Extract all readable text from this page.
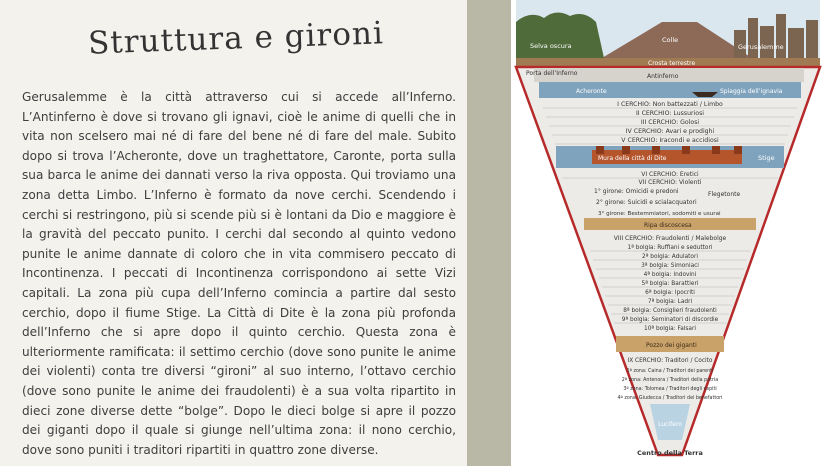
Struttura e gironi
Gerusalemme è la città attraverso cui si accede all’Inferno. L’Antinferno è dove si trovano gli ignavi, cioè le anime di quelli che in vita non scelsero mai né di fare del bene né di fare del male. Subito dopo si trova l’Acheronte, dove un traghettatore, Caronte, porta sulla sua barca le anime dei dannati verso la riva opposta. Qui troviamo una zona detta Limbo. L’Inferno è formato da nove cerchi. Scendendo i cerchi si restringono, più si scende più si è lontani da Dio e maggiore è la gravità del peccato punito. I cerchi dal secondo al quinto vedono punite le anime dannate di coloro che in vita commisero peccato di Incontinenza. I peccati di Incontinenza corrispondono ai sette Vizi capitali. La zona più cupa dell’Inferno comincia a partire dal sesto cerchio, dopo il fiume Stige. La Città di Dite è la zona più profonda dell’Inferno che si apre dopo il quinto cerchio. Questa zona è ulteriormente ramificata: il settimo cerchio (dove sono punite le anime dei violenti) conta tre diversi “gironi” al suo interno, l’ottavo cerchio (dove sono punite le anime dei fraudolenti) è a sua volta ripartito in dieci zone diverse dette “bolge”. Dopo le dieci bolge si apre il pozzo dei giganti dopo il quale si giunge nell’ultima zona: il nono cerchio, dove sono puniti i traditori ripartiti in quattro zone diverse.
Selva oscura
Colle
Gerusalemme
Crosta terrestre
Porta dell’Inferno	Antinferno
Acheronte	Spiaggia dell’ignavia
I CERCHIO: Non battezzati / Limbo
II CERCHIO: Lussuriosi
III CERCHIO: Golosi
IV CERCHIO: Avari e prodighi
V CERCHIO: Iracondi e accidiosi
Mura della città di Dite	Stige
VI CERCHIO: Eretici
VII CERCHIO: Violenti
1° girone: Omicidi e predoni	Flegetonte
2° girone: Suicidi e scialacquatori
3° girone: Bestemmiatori, sodomiti e usurai
Ripa discoscesa
VIII CERCHIO: Fraudolenti / Malebolge
1ª bolgia: Ruffiani e seduttori
2ª bolgia: Adulatori
3ª bolgia: Simoniaci
4ª bolgia: Indovini
5ª bolgia: Barattieri
6ª bolgia: Ipocriti
7ª bolgia: Ladri
8ª bolgia: Consiglieri fraudolenti
9ª bolgia: Seminatori di discordie
10ª bolgia: Falsari
Pozzo dei giganti
IX CERCHIO: Traditori / Cocito
1ª zona: Caina / Traditori dei parenti
2ª zona: Antenora / Traditori della patria
3ª zona: Tolomea / Traditori degli ospiti
4ª zona: Giudecca / Traditori dei benefattori
Lucifero
Centro della Terra
